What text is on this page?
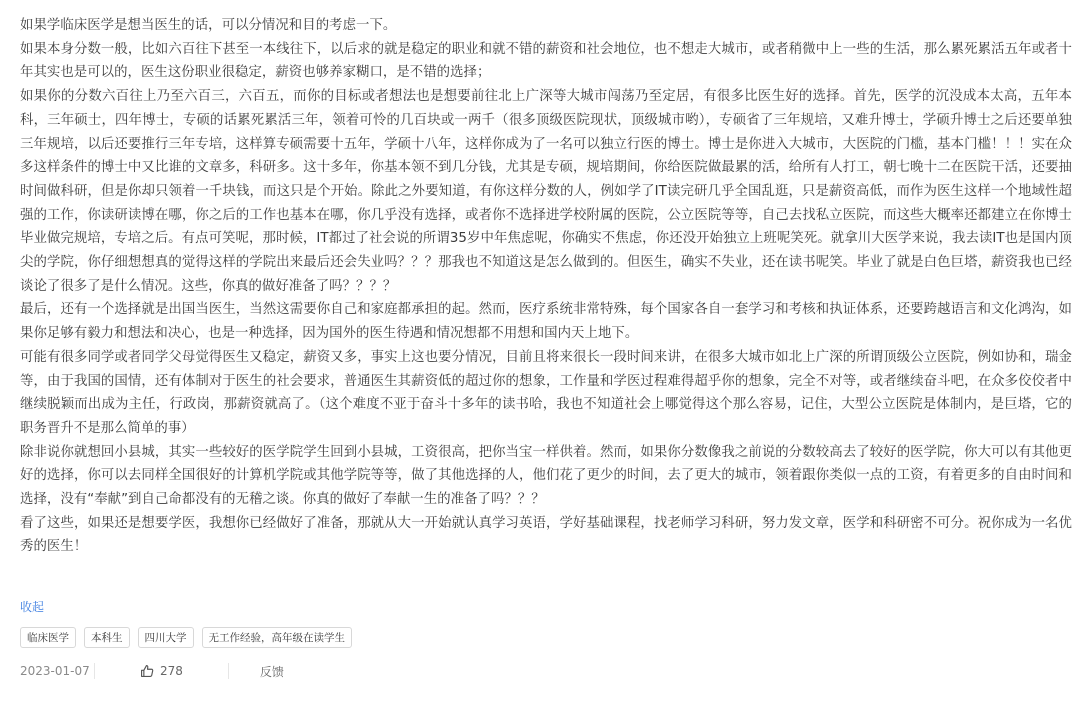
如果学临床医学是想当医生的话，可以分情况和目的考虑一下。

如果本身分数一般，比如六百往下甚至一本线往下，以后求的就是稳定的职业和就不错的薪资和社会地位，也不想走大城市，或者稍微中上一些的生活，那么累死累活五年或者十年其实也是可以的，医生这份职业很稳定，薪资也够养家糊口，是不错的选择；

如果你的分数六百往上乃至六百三，六百五，而你的目标或者想法也是想要前往北上广深等大城市闯荡乃至定居，有很多比医生好的选择。首先，医学的沉没成本太高，五年本科，三年硕士，四年博士，专硕的话累死累活三年，领着可怜的几百块或一两千（很多顶级医院现状，顶级城市哟），专硕省了三年规培，又难升博士，学硕升博士之后还要单独三年规培，以后还要推行三年专培，这样算专硕需要十五年，学硕十八年，这样你成为了一名可以独立行医的博士。博士是你进入大城市，大医院的门槛，基本门槛！！！实在众多这样条件的博士中又比谁的文章多，科研多。这十多年，你基本领不到几分钱，尤其是专硕，规培期间，你给医院做最累的活，给所有人打工，朝七晚十二在医院干活，还要抽时间做科研，但是你却只领着一千块钱，而这只是个开始。除此之外要知道，有你这样分数的人，例如学了IT读完研几乎全国乱逛，只是薪资高低，而作为医生这样一个地域性超强的工作，你读研读博在哪，你之后的工作也基本在哪，你几乎没有选择，或者你不选择进学校附属的医院，公立医院等等，自己去找私立医院，而这些大概率还都建立在你博士毕业做完规培，专培之后。有点可笑呢，那时候，IT都过了社会说的所谓35岁中年焦虑呢，你确实不焦虑，你还没开始独立上班呢笑死。就拿川大医学来说，我去读IT也是国内顶尖的学院，你仔细想想真的觉得这样的学院出来最后还会失业吗？？？那我也不知道这是怎么做到的。但医生，确实不失业，还在读书呢笑。毕业了就是白色巨塔，薪资我也已经谈论了很多了是什么情况。这些，你真的做好准备了吗？？？？

最后，还有一个选择就是出国当医生，当然这需要你自己和家庭都承担的起。然而，医疗系统非常特殊，每个国家各自一套学习和考核和执证体系，还要跨越语言和文化鸿沟，如果你足够有毅力和想法和决心，也是一种选择，因为国外的医生待遇和情况想都不用想和国内天上地下。

可能有很多同学或者同学父母觉得医生又稳定，薪资又多，事实上这也要分情况，目前且将来很长一段时间来讲，在很多大城市如北上广深的所谓顶级公立医院，例如协和，瑞金等，由于我国的国情，还有体制对于医生的社会要求，普通医生其薪资低的超过你的想象，工作量和学医过程难得超乎你的想象，完全不对等，或者继续奋斗吧，在众多佼佼者中继续脱颖而出成为主任，行政岗，那薪资就高了。（这个难度不亚于奋斗十多年的读书哈，我也不知道社会上哪觉得这个那么容易，记住，大型公立医院是体制内，是巨塔，它的职务晋升不是那么简单的事）

除非说你就想回小县城，其实一些较好的医学院学生回到小县城，工资很高，把你当宝一样供着。然而，如果你分数像我之前说的分数较高去了较好的医学院，你大可以有其他更好的选择，你可以去同样全国很好的计算机学院或其他学院等等，做了其他选择的人，他们花了更少的时间，去了更大的城市，领着跟你类似一点的工资，有着更多的自由时间和选择，没有“奉献”到自己命都没有的无稽之谈。你真的做好了奉献一生的准备了吗？？？

看了这些，如果还是想要学医，我想你已经做好了准备，那就从大一开始就认真学习英语，学好基础课程，找老师学习科研，努力发文章，医学和科研密不可分。祝你成为一名优秀的医生！

收起
临床医学	本科生	四川大学	无工作经验，高年级在读学生
2023-01-07	278	反馈
